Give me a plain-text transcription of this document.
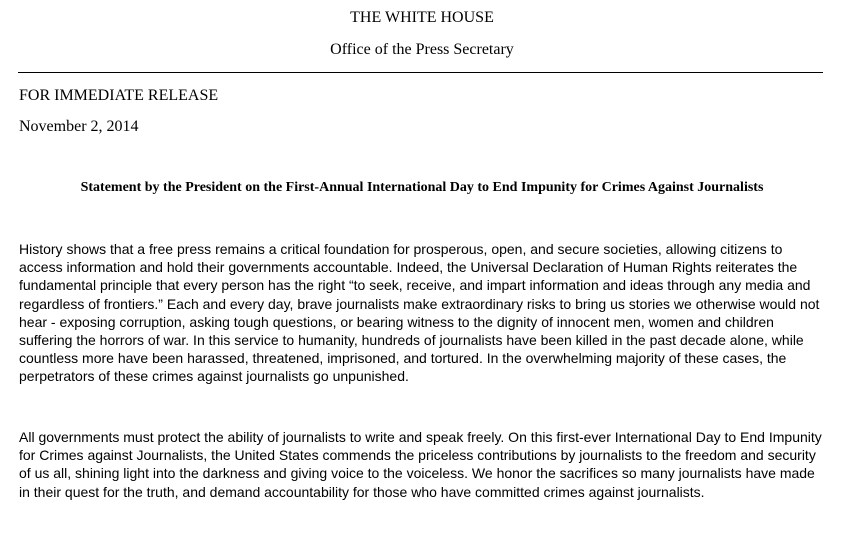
THE WHITE HOUSE
Office of the Press Secretary
FOR IMMEDIATE RELEASE
November 2, 2014
Statement by the President on the First-Annual International Day to End Impunity for Crimes Against Journalists

History shows that a free press remains a critical foundation for prosperous, open, and secure societies, allowing citizens to access information and hold their governments accountable. Indeed, the Universal Declaration of Human Rights reiterates the fundamental principle that every person has the right “to seek, receive, and impart information and ideas through any media and regardless of frontiers.” Each and every day, brave journalists make extraordinary risks to bring us stories we otherwise would not hear - exposing corruption, asking tough questions, or bearing witness to the dignity of innocent men, women and children suffering the horrors of war. In this service to humanity, hundreds of journalists have been killed in the past decade alone, while countless more have been harassed, threatened, imprisoned, and tortured. In the overwhelming majority of these cases, the perpetrators of these crimes against journalists go unpunished.

All governments must protect the ability of journalists to write and speak freely. On this first-ever International Day to End Impunity for Crimes against Journalists, the United States commends the priceless contributions by journalists to the freedom and security of us all, shining light into the darkness and giving voice to the voiceless. We honor the sacrifices so many journalists have made in their quest for the truth, and demand accountability for those who have committed crimes against journalists.
